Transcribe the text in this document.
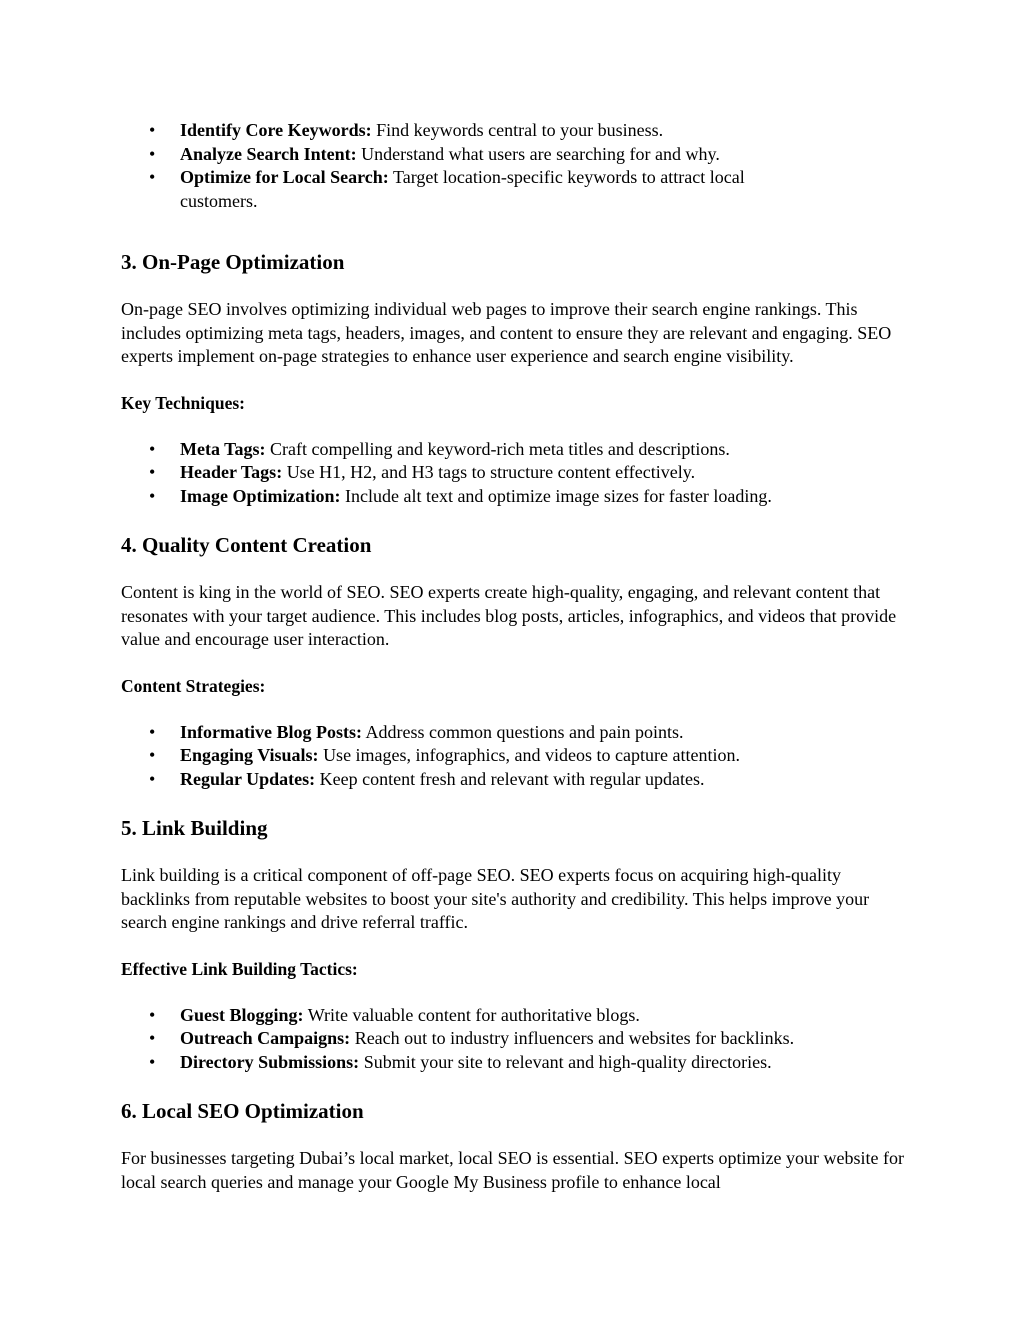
• Identify Core Keywords: Find keywords central to your business.
• Analyze Search Intent: Understand what users are searching for and why.
• Optimize for Local Search: Target location-specific keywords to attract local customers.
3. On-Page Optimization

On-page SEO involves optimizing individual web pages to improve their search engine rankings. This includes optimizing meta tags, headers, images, and content to ensure they are relevant and engaging. SEO experts implement on-page strategies to enhance user experience and search engine visibility.

Key Techniques:

• Meta Tags: Craft compelling and keyword-rich meta titles and descriptions.
• Header Tags: Use H1, H2, and H3 tags to structure content effectively.
• Image Optimization: Include alt text and optimize image sizes for faster loading.
4. Quality Content Creation

Content is king in the world of SEO. SEO experts create high-quality, engaging, and relevant content that resonates with your target audience. This includes blog posts, articles, infographics, and videos that provide value and encourage user interaction.

Content Strategies:

• Informative Blog Posts: Address common questions and pain points.
• Engaging Visuals: Use images, infographics, and videos to capture attention.
• Regular Updates: Keep content fresh and relevant with regular updates.
5. Link Building

Link building is a critical component of off-page SEO. SEO experts focus on acquiring high-quality backlinks from reputable websites to boost your site's authority and credibility. This helps improve your search engine rankings and drive referral traffic.

Effective Link Building Tactics:

• Guest Blogging: Write valuable content for authoritative blogs.
• Outreach Campaigns: Reach out to industry influencers and websites for backlinks.
• Directory Submissions: Submit your site to relevant and high-quality directories.
6. Local SEO Optimization

For businesses targeting Dubai’s local market, local SEO is essential. SEO experts optimize your website for local search queries and manage your Google My Business profile to enhance local
